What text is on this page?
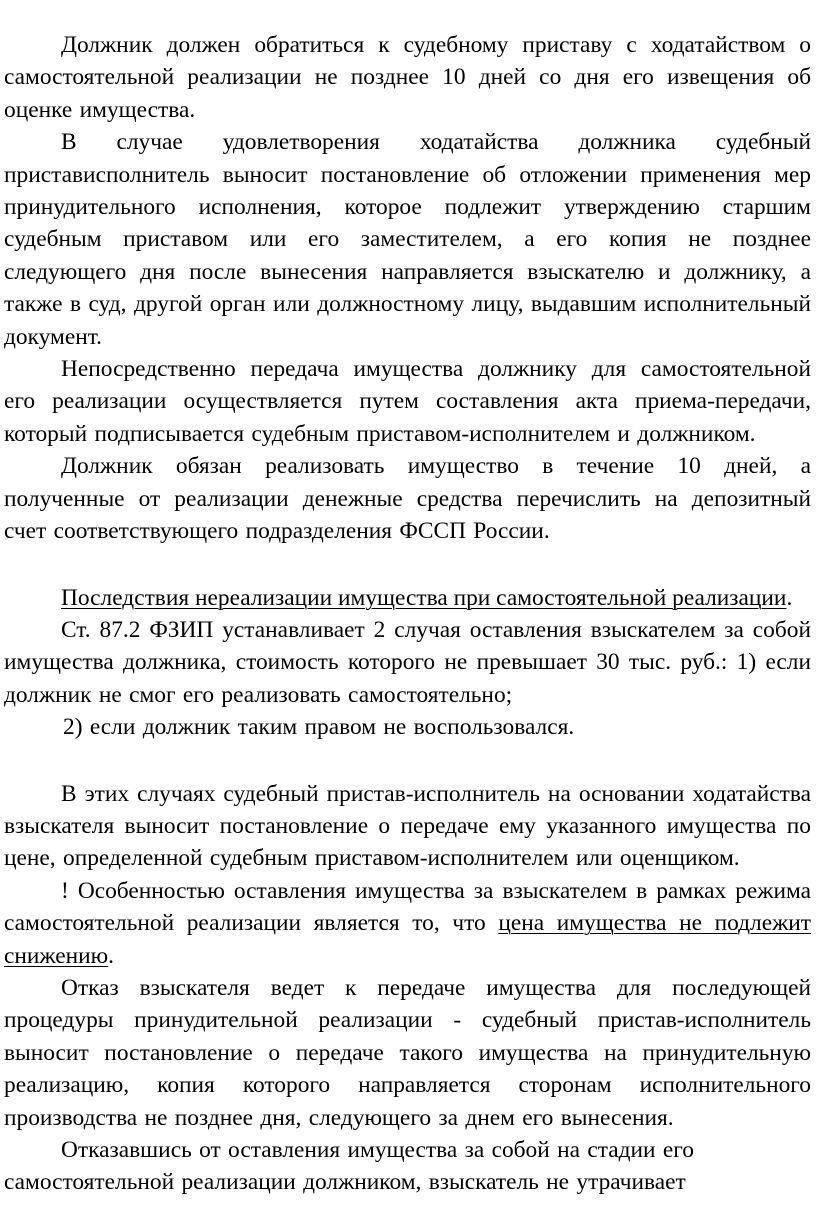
Должник должен обратиться к судебному приставу с ходатайством о самостоятельной реализации не позднее 10 дней со дня его извещения об оценке имущества.

В случае удовлетворения ходатайства должника судебный пристависполнитель выносит постановление об отложении применения мер принудительного исполнения, которое подлежит утверждению старшим судебным приставом или его заместителем, а его копия не позднее следующего дня после вынесения направляется взыскателю и должнику, а также в суд, другой орган или должностному лицу, выдавшим исполнительный документ.

Непосредственно передача имущества должнику для самостоятельной его реализации осуществляется путем составления акта приема-передачи, который подписывается судебным приставом-исполнителем и должником.

Должник обязан реализовать имущество в течение 10 дней, а полученные от реализации денежные средства перечислить на депозитный счет соответствующего подразделения ФССП России.

Последствия нереализации имущества при самостоятельной реализации.

Ст. 87.2 ФЗИП устанавливает 2 случая оставления взыскателем за собой имущества должника, стоимость которого не превышает 30 тыс. руб.: 1) если должник не смог его реализовать самостоятельно;

2) если должник таким правом не воспользовался.

В этих случаях судебный пристав-исполнитель на основании ходатайства взыскателя выносит постановление о передаче ему указанного имущества по цене, определенной судебным приставом-исполнителем или оценщиком.

! Особенностью оставления имущества за взыскателем в рамках режима самостоятельной реализации является то, что цена имущества не подлежит снижению.

Отказ взыскателя ведет к передаче имущества для последующей процедуры принудительной реализации - судебный пристав-исполнитель выносит постановление о передаче такого имущества на принудительную реализацию, копия которого направляется сторонам исполнительного производства не позднее дня, следующего за днем его вынесения.

Отказавшись от оставления имущества за собой на стадии его самостоятельной реализации должником, взыскатель не утрачивает
